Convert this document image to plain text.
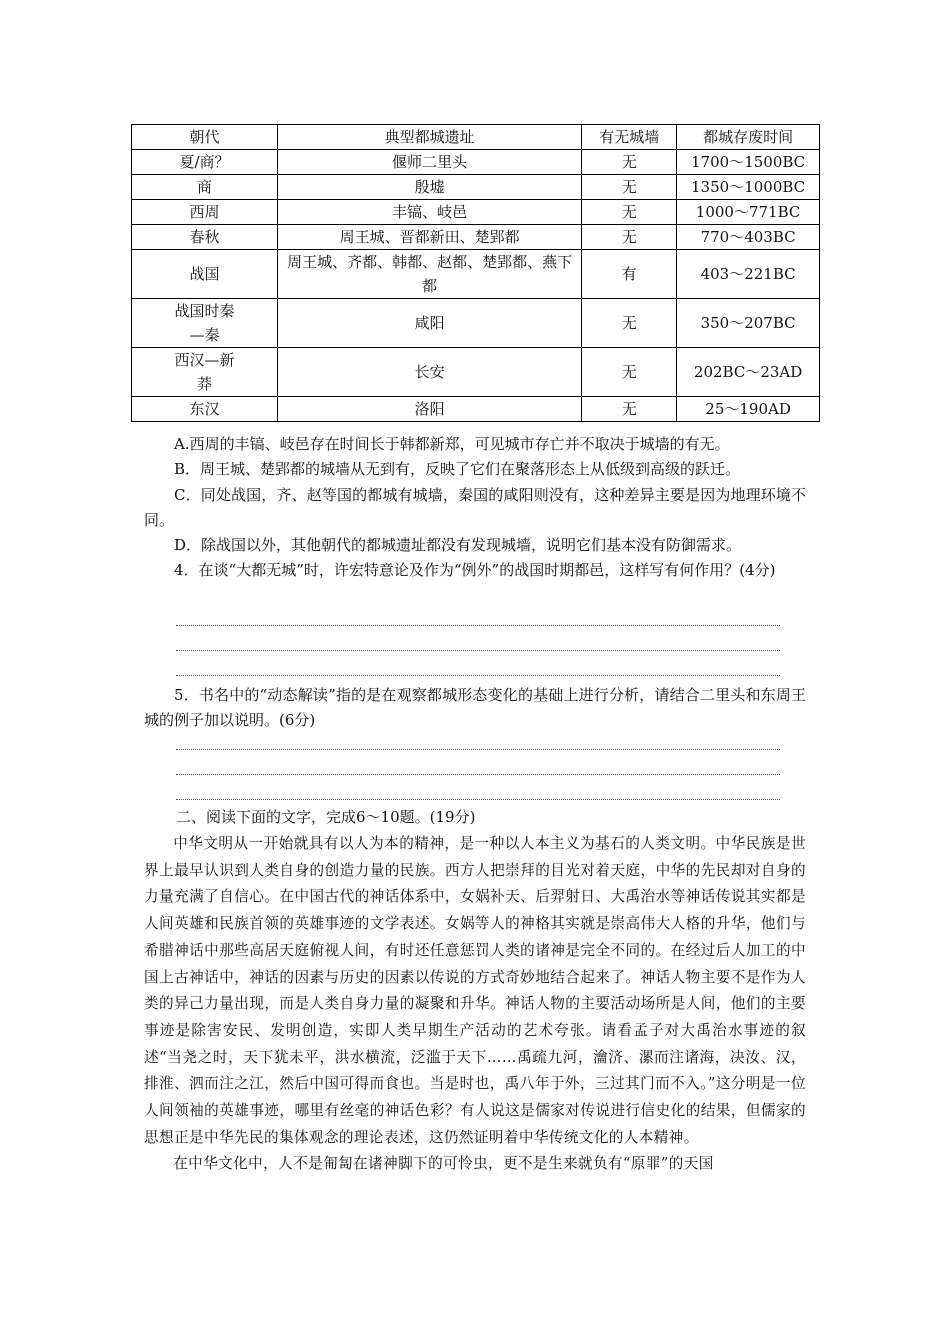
朝代	典型都城遗址	有无城墙	都城存废时间
夏/商？	偃师二里头	无	1700～1500BC
商	殷墟	无	1350～1000BC
西周	丰镐、岐邑	无	1000～771BC
春秋	周王城、晋都新田、楚郢都	无	770～403BC
战国	周王城、齐都、韩都、赵都、楚郢都、燕下都	有	403～221BC
战国时秦—秦	咸阳	无	350～207BC
西汉—新莽	长安	无	202BC～23AD
东汉	洛阳	无	25～190AD

A.西周的丰镐、岐邑存在时间长于韩都新郑，可见城市存亡并不取决于城墙的有无。

B．周王城、楚郢都的城墙从无到有，反映了它们在聚落形态上从低级到高级的跃迁。

C．同处战国，齐、赵等国的都城有城墙，秦国的咸阳则没有，这种差异主要是因为地理环境不同。

D．除战国以外，其他朝代的都城遗址都没有发现城墙，说明它们基本没有防御需求。

4．在谈“大都无城”时，许宏特意论及作为“例外”的战国时期都邑，这样写有何作用？(4分)

5．书名中的“动态解读”指的是在观察都城形态变化的基础上进行分析，请结合二里头和东周王城的例子加以说明。(6分)

二、阅读下面的文字，完成6～10题。(19分)

中华文明从一开始就具有以人为本的精神，是一种以人本主义为基石的人类文明。中华民族是世界上最早认识到人类自身的创造力量的民族。西方人把崇拜的目光对着天庭，中华的先民却对自身的力量充满了自信心。在中国古代的神话体系中，女娲补天、后羿射日、大禹治水等神话传说其实都是人间英雄和民族首领的英雄事迹的文学表述。女娲等人的神格其实就是崇高伟大人格的升华，他们与希腊神话中那些高居天庭俯视人间，有时还任意惩罚人类的诸神是完全不同的。在经过后人加工的中国上古神话中，神话的因素与历史的因素以传说的方式奇妙地结合起来了。神话人物主要不是作为人类的异己力量出现，而是人类自身力量的凝聚和升华。神话人物的主要活动场所是人间，他们的主要事迹是除害安民、发明创造，实即人类早期生产活动的艺术夸张。请看孟子对大禹治水事迹的叙述“当尧之时，天下犹未平，洪水横流，泛滥于天下……禹疏九河，瀹济、漯而注诸海，决汝、汉，排淮、泗而注之江，然后中国可得而食也。当是时也，禹八年于外，三过其门而不入。”这分明是一位人间领袖的英雄事迹，哪里有丝毫的神话色彩？有人说这是儒家对传说进行信史化的结果，但儒家的思想正是中华先民的集体观念的理论表述，这仍然证明着中华传统文化的人本精神。

在中华文化中，人不是匍匐在诸神脚下的可怜虫，更不是生来就负有“原罪”的天国
